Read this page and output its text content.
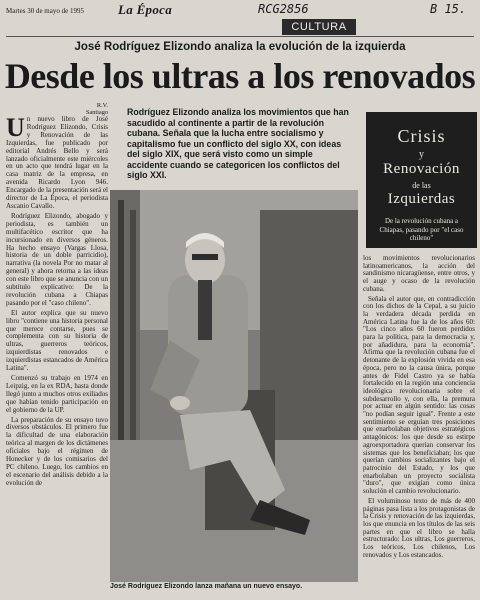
Martes 30 de mayo de 1995	La Época	RCG2856	B 15.
CULTURA
José Rodríguez Elizondo analiza la evolución de la izquierda
Desde los ultras a los renovados
R.V.
Santiago

Un nuevo libro de José Rodríguez Elizondo, Crisis y Renovación de las Izquierdas, fue publicado por editorial Andrés Bello y será lanzado oficialmente este miércoles en un acto que tendrá lugar en la casa matriz de la empresa, en avenida Ricardo Lyon 946. Encargado de la presentación será el director de La Época, el periodista Ascanio Cavallo.

Rodríguez Elizondo, abogado y periodista, es también un multifacético escritor que ha incursionado en diversos géneros. Ha hecho ensayo (Vargas Llosa, historia de un doble parricidio), narrativa (la novela Por no matar al general) y ahora retorna a las ideas con este libro que se anuncia con un subtítulo explicativo: De la revolución cubana a Chiapas pasando por el "caso chileno".

El autor explica que su nuevo libro "contiene una historia personal que merece contarse, pues se complementa con su historia de ultras, guerreros teóricos, izquierdistas renovados e izquierdistas estancados de América Latina".

Comenzó su trabajo en 1974 en Leipzig, en la ex RDA, hasta donde llegó junto a muchos otros exiliados que habían tenido participación en el gobierno de la UP.

La preparación de su ensayo tuvo diversos obstáculos. El primero fue la dificultad de una elaboración teórica al margen de los dictámenes oficiales bajo el régimen de Honecker y de los comisarios del PC chileno. Luego, los cambios en el escenario del análisis debido a la evolución de

Rodríguez Elizondo analiza los movimientos que han sacudido al continente a partir de la revolución cubana. Señala que la lucha entre socialismo y capitalismo fue un conflicto del siglo XX, con ideas del siglo XIX, que será visto como un simple accidente cuando se categoricen los conflictos del siglo XXI.
Crisis
y
Renovación
de las
Izquierdas
De la revolución cubana a Chiapas, pasando por "el caso chileno"
José Rodríguez Elizondo lanza mañana un nuevo ensayo.

los movimientos revolucionarios latinoamericanos, la acción del sandinismo nicaragüense, entre otros, y el auge y ocaso de la revolución cubana.

Señala el autor que, en contradicción con los dichos de la Cepal, a su juicio la verdadera década perdida en América Latina fue la de los años 60: "Los cinco años 60 fueron perdidos para la política, para la democracia y, por añadidura, para la economía". Afirma que la revolución cubana fue el detonante de la explosión vivida en esa época, pero no la causa única, porque antes de Fidel Castro ya se había fortalecido en la región una conciencia ideológica revolucionaria sobre el subdesarrollo y, con ella, la premura por actuar en algún sentido: las cosas "no podían seguir igual". Frente a este sentimiento se erguían tres posiciones que enarbolaban objetivos estratégicos antagónicos: los que desde su estirpe agroexportadora querían conservar los sistemas que los beneficiaban; los que querían cambios socializantes bajo el patrocinio del Estado, y los que enarbolaban un proyecto socialista "duro", que exigían como única solución el cambio revolucionario.

El voluminoso texto de más de 400 páginas pasa lista a los protagonistas de la Crisis y renovación de las izquierdas, los que enuncia en los títulos de las seis partes en que el libro se halla estructurado: Los ultras, Los guerreros, Los teóricos, Los chilenos, Los renovados y Los estancados.
